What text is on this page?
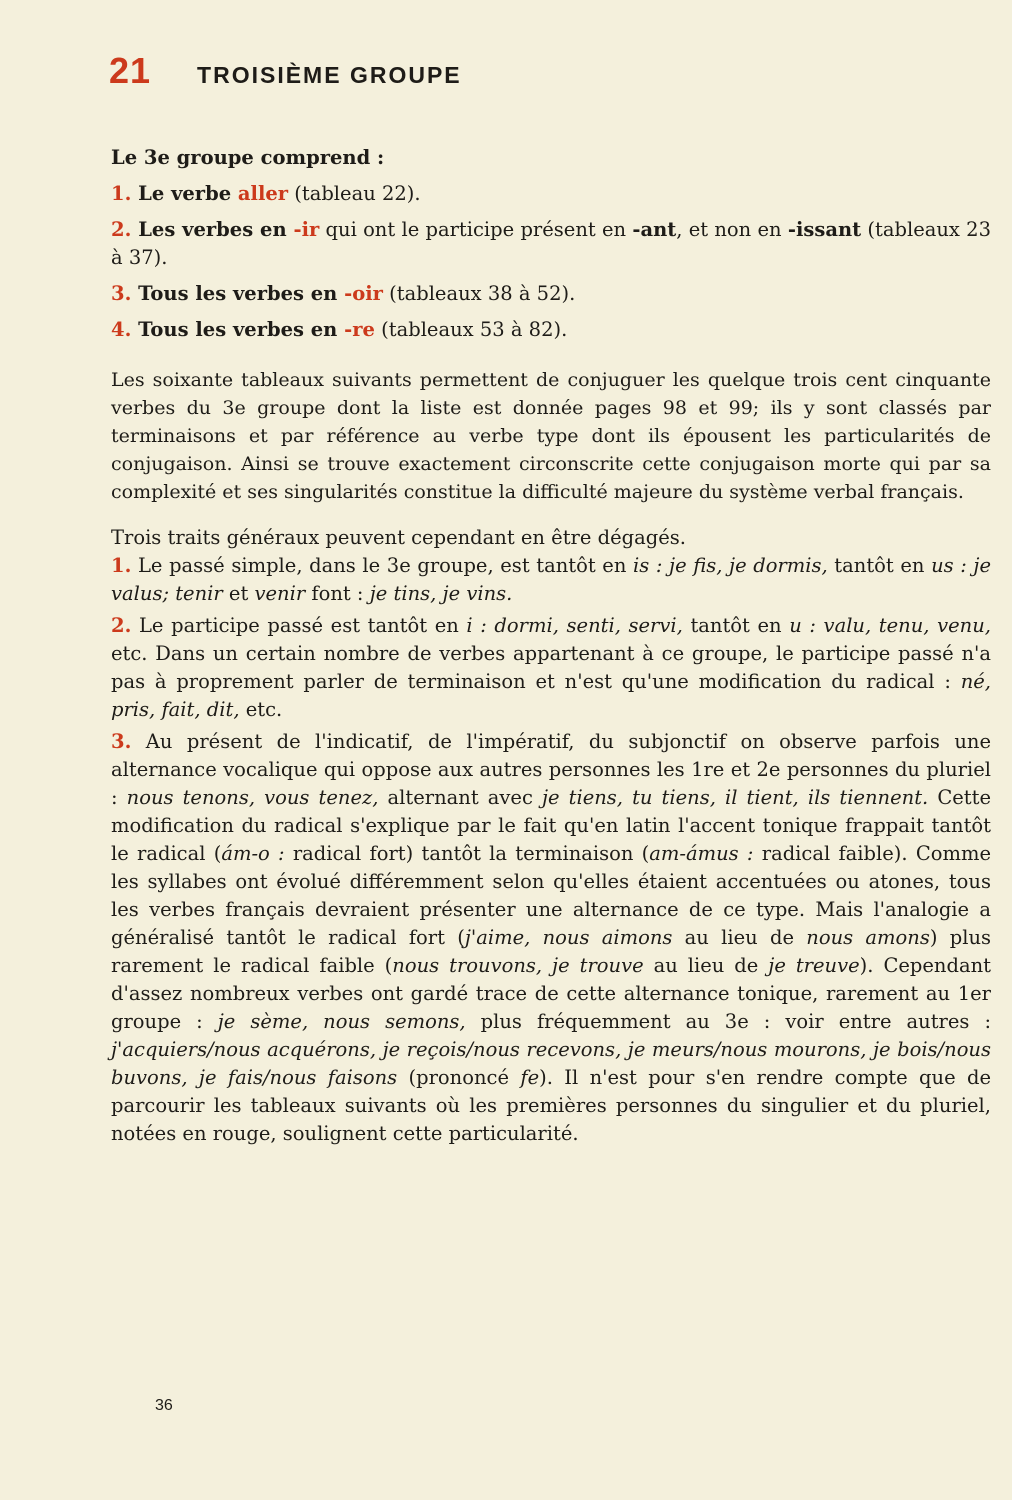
21 TROISIÈME GROUPE

Le 3e groupe comprend :

1. Le verbe aller (tableau 22).

2. Les verbes en -ir qui ont le participe présent en -ant, et non en -issant (tableaux 23 à 37).

3. Tous les verbes en -oir (tableaux 38 à 52).

4. Tous les verbes en -re (tableaux 53 à 82).

Les soixante tableaux suivants permettent de conjuguer les quelque trois cent cinquante verbes du 3e groupe dont la liste est donnée pages 98 et 99; ils y sont classés par terminaisons et par référence au verbe type dont ils épousent les particularités de conjugaison. Ainsi se trouve exactement circonscrite cette conjugaison morte qui par sa complexité et ses singularités constitue la difficulté majeure du système verbal français.

Trois traits généraux peuvent cependant en être dégagés.

1. Le passé simple, dans le 3e groupe, est tantôt en is : je fis, je dormis, tantôt en us : je valus; tenir et venir font : je tins, je vins.

2. Le participe passé est tantôt en i : dormi, senti, servi, tantôt en u : valu, tenu, venu, etc. Dans un certain nombre de verbes appartenant à ce groupe, le participe passé n'a pas à proprement parler de terminaison et n'est qu'une modification du radical : né, pris, fait, dit, etc.

3. Au présent de l'indicatif, de l'impératif, du subjonctif on observe parfois une alternance vocalique qui oppose aux autres personnes les 1re et 2e personnes du pluriel : nous tenons, vous tenez, alternant avec je tiens, tu tiens, il tient, ils tiennent. Cette modification du radical s'explique par le fait qu'en latin l'accent tonique frappait tantôt le radical (ám-o : radical fort) tantôt la terminaison (am-ámus : radical faible). Comme les syllabes ont évolué différemment selon qu'elles étaient accentuées ou atones, tous les verbes français devraient présenter une alternance de ce type. Mais l'analogie a généralisé tantôt le radical fort (j'aime, nous aimons au lieu de nous amons) plus rarement le radical faible (nous trouvons, je trouve au lieu de je treuve). Cependant d'assez nombreux verbes ont gardé trace de cette alternance tonique, rarement au 1er groupe : je sème, nous semons, plus fréquemment au 3e : voir entre autres : j'acquiers/nous acquérons, je reçois/nous recevons, je meurs/nous mourons, je bois/nous buvons, je fais/nous faisons (prononcé fe). Il n'est pour s'en rendre compte que de parcourir les tableaux suivants où les premières personnes du singulier et du pluriel, notées en rouge, soulignent cette particularité.

36
